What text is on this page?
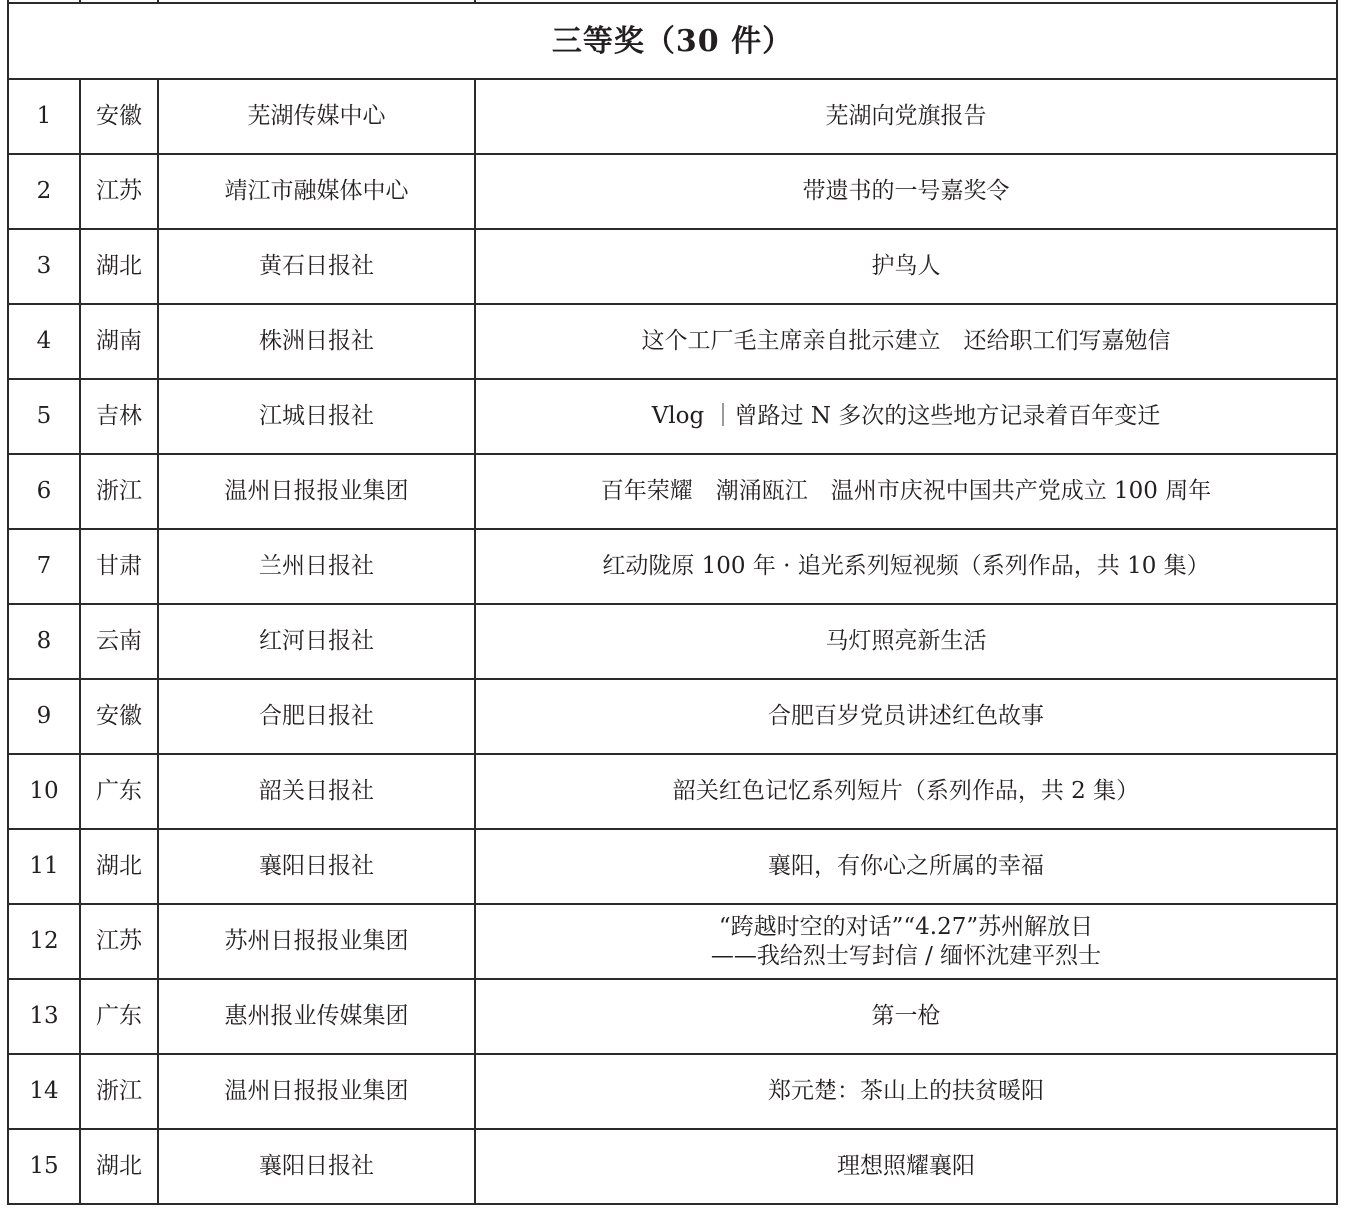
三等奖（30 件）			
1	安徽	芜湖传媒中心	芜湖向党旗报告

2	江苏	靖江市融媒体中心	带遗书的一号嘉奖令

3	湖北	黄石日报社	护鸟人

4	湖南	株洲日报社	这个工厂毛主席亲自批示建立　还给职工们写嘉勉信

5	吉林	江城日报社	Vlog ｜曾路过 N 多次的这些地方记录着百年变迁

6	浙江	温州日报报业集团	百年荣耀　潮涌瓯江　温州市庆祝中国共产党成立 100 周年

7	甘肃	兰州日报社	红动陇原 100 年 · 追光系列短视频（系列作品，共 10 集）

8	云南	红河日报社	马灯照亮新生活

9	安徽	合肥日报社	合肥百岁党员讲述红色故事

10	广东	韶关日报社	韶关红色记忆系列短片（系列作品，共 2 集）

11	湖北	襄阳日报社	襄阳，有你心之所属的幸福

12	江苏	苏州日报报业集团	“跨越时空的对话”“4.27”苏州解放日
——我给烈士写封信 / 缅怀沈建平烈士

13	广东	惠州报业传媒集团	第一枪

14	浙江	温州日报报业集团	郑元楚：茶山上的扶贫暖阳

15	湖北	襄阳日报社	理想照耀襄阳
